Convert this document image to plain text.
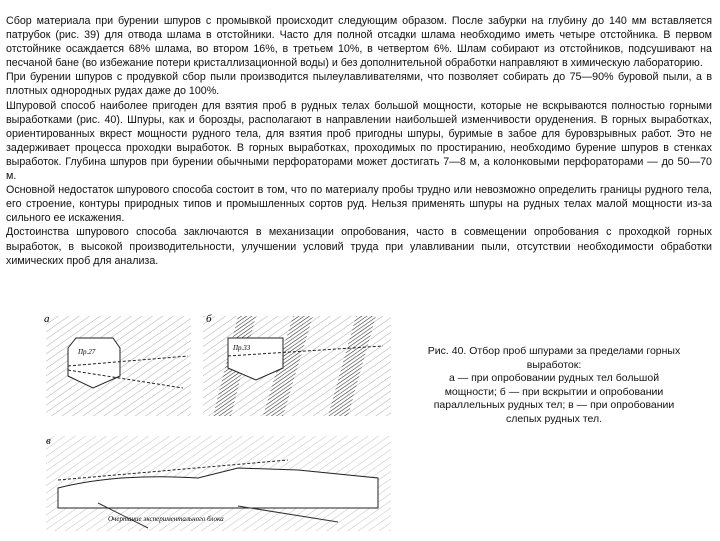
Сбор материала при бурении шпуров с промывкой происходит следующим образом. После забурки на глубину до 140 мм вставляется патрубок (рис. 39) для отвода шлама в отстойники. Часто для полной отсадки шлама необходимо иметь четыре отстойника. В первом отстойнике осаждается 68% шлама, во втором 16%, в третьем 10%, в четвертом 6%. Шлам собирают из отстойников, подсушивают на песчаной бане (во избежание потери кристаллизационной воды) и без дополнительной обработки направляют в химическую лабораторию.

При бурении шпуров с продувкой сбор пыли производится пылеулавливателями, что позволяет собирать до 75—90% буровой пыли, а в плотных однородных рудах даже до 100%.

Шпуровой способ наиболее пригоден для взятия проб в рудных телах большой мощности, которые не вскрываются полностью горными выработками (рис. 40). Шпуры, как и борозды, располагают в направлении наибольшей изменчивости оруденения. В горных выработках, ориентированных вкрест мощности рудного тела, для взятия проб пригодны шпуры, буримые в забое для буровзрывных работ. Это не задерживает процесса проходки выработок. В горных выработках, проходимых по простиранию, необходимо бурение шпуров в стенках выработок. Глубина шпуров при бурении обычными перфораторами может достигать 7—8 м, а колонковыми перфораторами — до 50—70 м.

Основной недостаток шпурового способа состоит в том, что по материалу пробы трудно или невозможно определить границы рудного тела, его строение, контуры природных типов и промышленных сортов руд. Нельзя применять шпуры на рудных телах малой мощности из-за сильного ее искажения.

Достоинства шпурового способа заключаются в механизации опробования, часто в совмещении опробования с проходкой горных выработок, в высокой производительности, улучшении условий труда при улавливании пыли, отсутствии необходимости обработки химических проб для анализа.

а
Пр.27
б
Пр.33
в
Очертание экспериментального блока
Рис. 40. Отбор проб шпурами за пределами горных выработок:
а — при опробовании рудных тел большой мощности; б — при вскрытии и опробовании параллельных рудных тел; в — при опробовании слепых рудных тел.
